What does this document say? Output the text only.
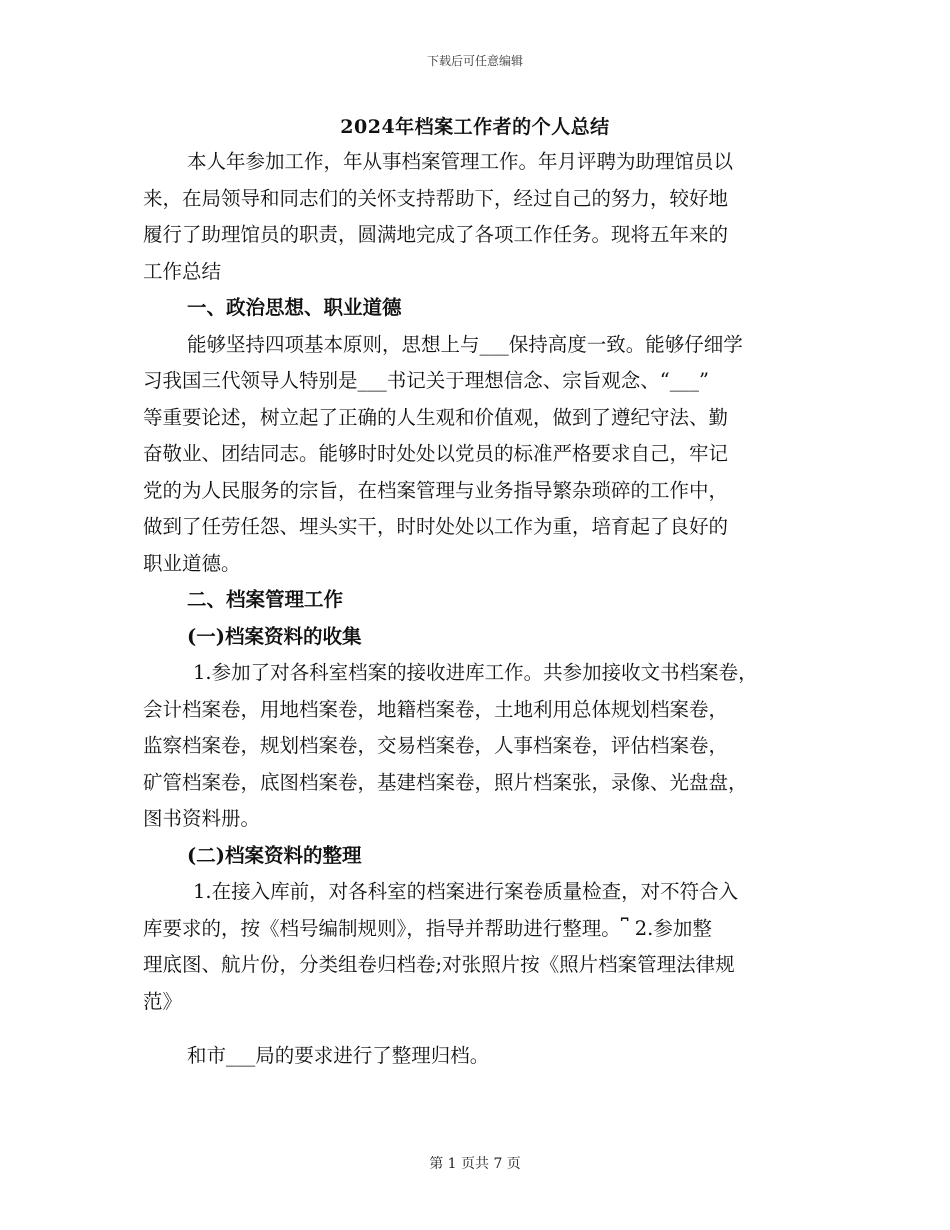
下载后可任意编辑
2024年档案工作者的个人总结
本人年参加工作，年从事档案管理工作。年月评聘为助理馆员以
来，在局领导和同志们的关怀支持帮助下，经过自己的努力，较好地
履行了助理馆员的职责，圆满地完成了各项工作任务。现将五年来的
工作总结
一、政治思想、职业道德
能够坚持四项基本原则，思想上与___保持高度一致。能够仔细学
习我国三代领导人特别是___书记关于理想信念、宗旨观念、“___”
等重要论述，树立起了正确的人生观和价值观，做到了遵纪守法、勤
奋敬业、团结同志。能够时时处处以党员的标准严格要求自己，牢记
党的为人民服务的宗旨，在档案管理与业务指导繁杂琐碎的工作中，
做到了任劳任怨、埋头实干，时时处处以工作为重，培育起了良好的
职业道德。
二、档案管理工作
(一)档案资料的收集
1.参加了对各科室档案的接收进库工作。共参加接收文书档案卷，
会计档案卷，用地档案卷，地籍档案卷，土地利用总体规划档案卷，
监察档案卷，规划档案卷，交易档案卷，人事档案卷，评估档案卷，
矿管档案卷，底图档案卷，基建档案卷，照片档案张，录像、光盘盘，
图书资料册。
(二)档案资料的整理
1.在接入库前，对各科室的档案进行案卷质量检查，对不符合入
库要求的，按《档号编制规则》，指导并帮助进行整理。⎴ 2.参加整
理底图、航片份，分类组卷归档卷;对张照片按《照片档案管理法律规
范》
和市___局的要求进行了整理归档。
第 1 页共 7 页
